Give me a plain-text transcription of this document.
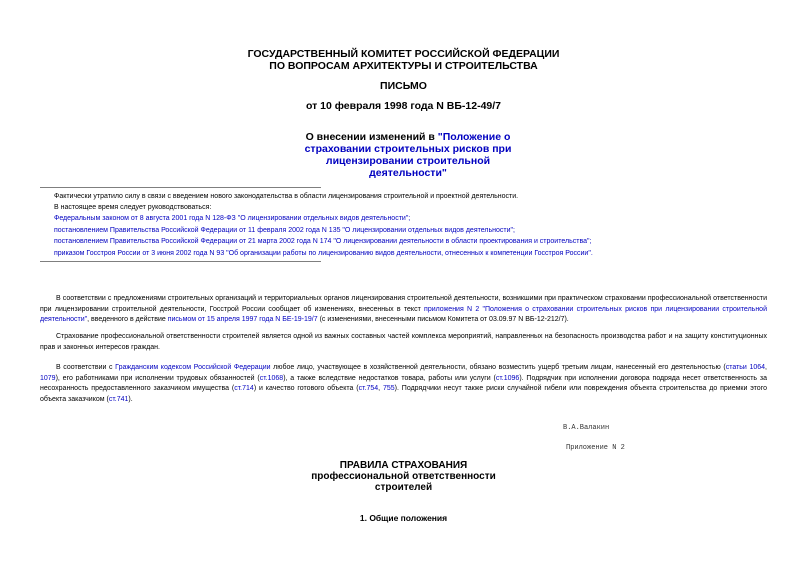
ГОСУДАРСТВЕННЫЙ КОМИТЕТ РОССИЙСКОЙ ФЕДЕРАЦИИ
ПО ВОПРОСАМ АРХИТЕКТУРЫ И СТРОИТЕЛЬСТВА
ПИСЬМО
от 10 февраля 1998 года N ВБ-12-49/7
О внесении изменений в "Положение о страховании строительных рисков при лицензировании строительной деятельности"
Фактически утратило силу в связи с введением нового законодательства в области лицензирования строительной и проектной деятельности.
В настоящее время следует руководствоваться:
Федеральным законом от 8 августа 2001 года N 128-ФЗ "О лицензировании отдельных видов деятельности";
постановлением Правительства Российской Федерации от 11 февраля 2002 года N 135 "О лицензировании отдельных видов деятельности";
постановлением Правительства Российской Федерации от 21 марта 2002 года N 174 "О лицензировании деятельности в области проектирования и строительства";
приказом Госстроя России от 3 июня 2002 года N 93 "Об организации работы по лицензированию видов деятельности, отнесенных к компетенции Госстроя России".
В соответствии с предложениями строительных организаций и территориальных органов лицензирования строительной деятельности, возникшими при практическом страховании профессиональной ответственности при лицензировании строительной деятельности, Госстрой России сообщает об изменениях, внесенных в текст приложения N 2 "Положения о страховании строительных рисков при лицензировании строительной деятельности", введенного в действие письмом от 15 апреля 1997 года N БЕ-19-19/7 (с изменениями, внесенными письмом Комитета от 03.09.97 N ВБ-12-212/7).
Страхование профессиональной ответственности строителей является одной из важных составных частей комплекса мероприятий, направленных на безопасность производства работ и на защиту конституционных прав и законных интересов граждан.
В соответствии с Гражданским кодексом Российской Федерации любое лицо, участвующее в хозяйственной деятельности, обязано возместить ущерб третьим лицам, нанесенный его деятельностью (статьи 1064, 1079), его работниками при исполнении трудовых обязанностей (ст.1068), а также вследствие недостатков товара, работы или услуги (ст.1096). Подрядчик при исполнении договора подряда несет ответственность за несохранность предоставленного заказчиком имущества (ст.714) и качество готового объекта (ст.754, 755). Подрядчики несут также риски случайной гибели или повреждения объекта строительства до приемки этого объекта заказчиком (ст.741).
В.А.Валакин
Приложение N 2
ПРАВИЛА СТРАХОВАНИЯ
профессиональной ответственности
строителей
1. Общие положения
